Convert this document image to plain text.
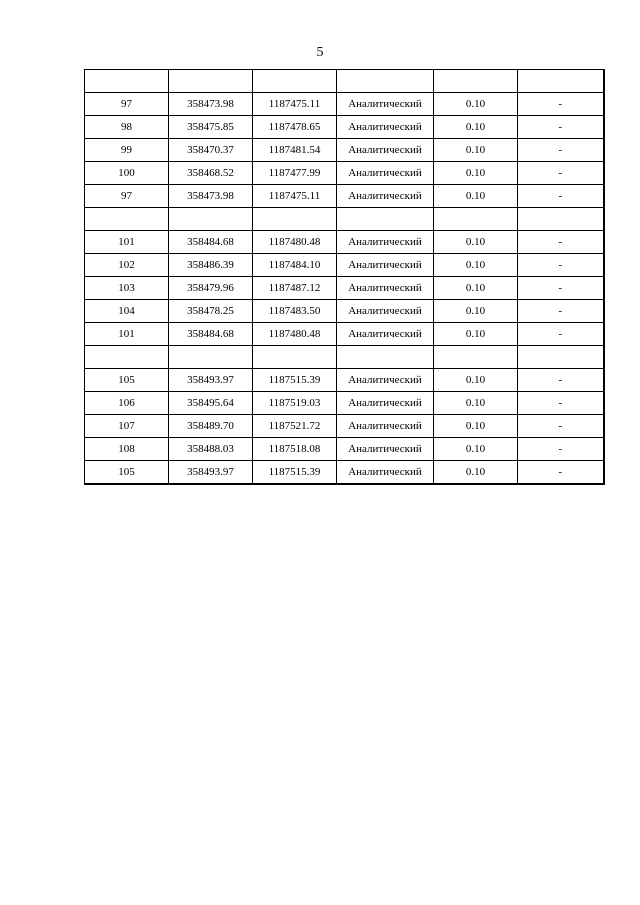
5

97	358473.98	1187475.11	Аналитический	0.10	-
98	358475.85	1187478.65	Аналитический	0.10	-
99	358470.37	1187481.54	Аналитический	0.10	-
100	358468.52	1187477.99	Аналитический	0.10	-
97	358473.98	1187475.11	Аналитический	0.10	-

101	358484.68	1187480.48	Аналитический	0.10	-
102	358486.39	1187484.10	Аналитический	0.10	-
103	358479.96	1187487.12	Аналитический	0.10	-
104	358478.25	1187483.50	Аналитический	0.10	-
101	358484.68	1187480.48	Аналитический	0.10	-

105	358493.97	1187515.39	Аналитический	0.10	-
106	358495.64	1187519.03	Аналитический	0.10	-
107	358489.70	1187521.72	Аналитический	0.10	-
108	358488.03	1187518.08	Аналитический	0.10	-
105	358493.97	1187515.39	Аналитический	0.10	-
